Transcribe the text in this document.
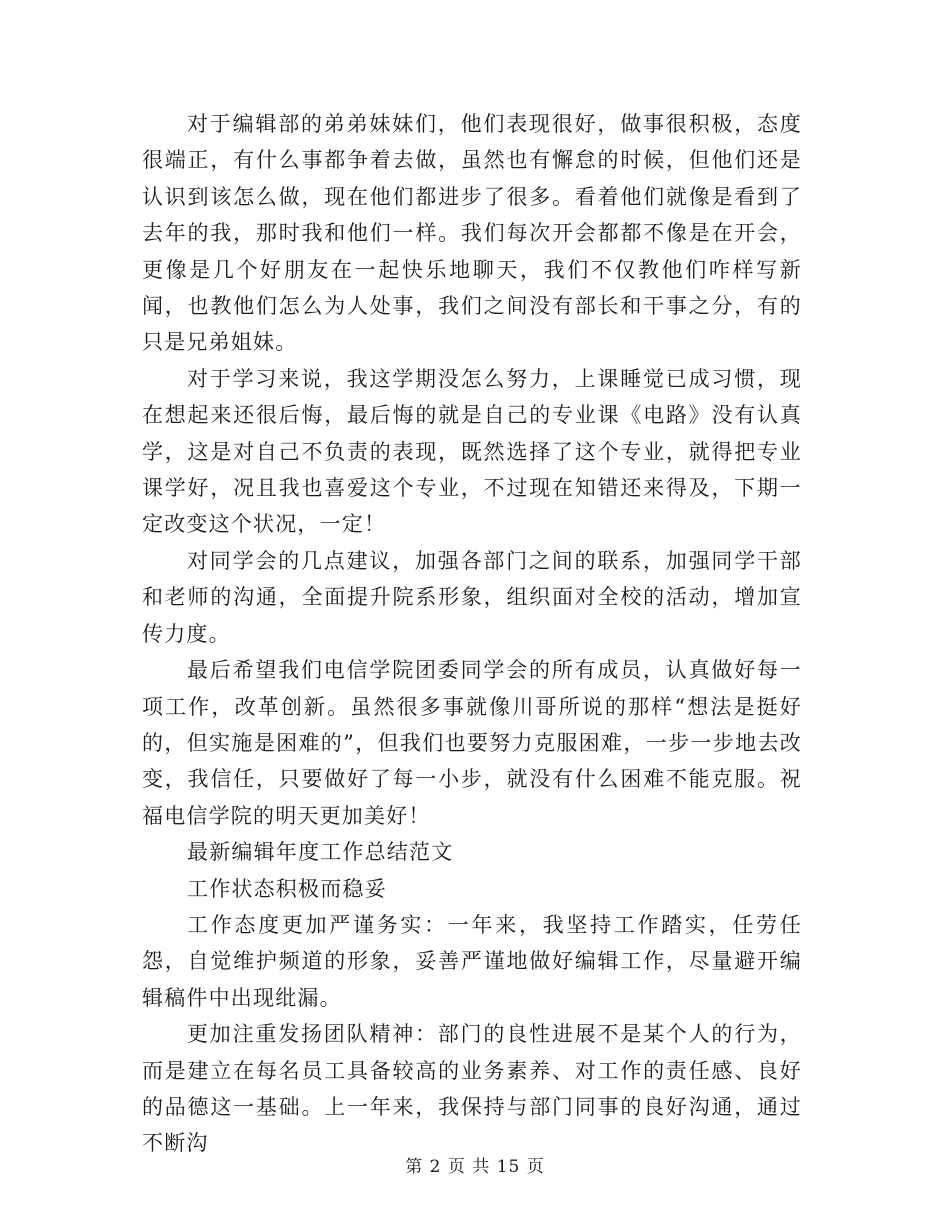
对于编辑部的弟弟妹妹们，他们表现很好，做事很积极，态度很端正，有什么事都争着去做，虽然也有懈怠的时候，但他们还是认识到该怎么做，现在他们都进步了很多。看着他们就像是看到了去年的我，那时我和他们一样。我们每次开会都都不像是在开会，更像是几个好朋友在一起快乐地聊天，我们不仅教他们咋样写新闻，也教他们怎么为人处事，我们之间没有部长和干事之分，有的只是兄弟姐妹。

对于学习来说，我这学期没怎么努力，上课睡觉已成习惯，现在想起来还很后悔，最后悔的就是自己的专业课《电路》没有认真学，这是对自己不负责的表现，既然选择了这个专业，就得把专业课学好，况且我也喜爱这个专业，不过现在知错还来得及，下期一定改变这个状况，一定！

对同学会的几点建议，加强各部门之间的联系，加强同学干部和老师的沟通，全面提升院系形象，组织面对全校的活动，增加宣传力度。

最后希望我们电信学院团委同学会的所有成员，认真做好每一项工作，改革创新。虽然很多事就像川哥所说的那样“想法是挺好的，但实施是困难的”，但我们也要努力克服困难，一步一步地去改变，我信任，只要做好了每一小步，就没有什么困难不能克服。祝福电信学院的明天更加美好！

最新编辑年度工作总结范文

工作状态积极而稳妥

工作态度更加严谨务实：一年来，我坚持工作踏实，任劳任怨，自觉维护频道的形象，妥善严谨地做好编辑工作，尽量避开编辑稿件中出现纰漏。

更加注重发扬团队精神：部门的良性进展不是某个人的行为，而是建立在每名员工具备较高的业务素养、对工作的责任感、良好的品德这一基础。上一年来，我保持与部门同事的良好沟通，通过不断沟

第 2 页 共 15 页
